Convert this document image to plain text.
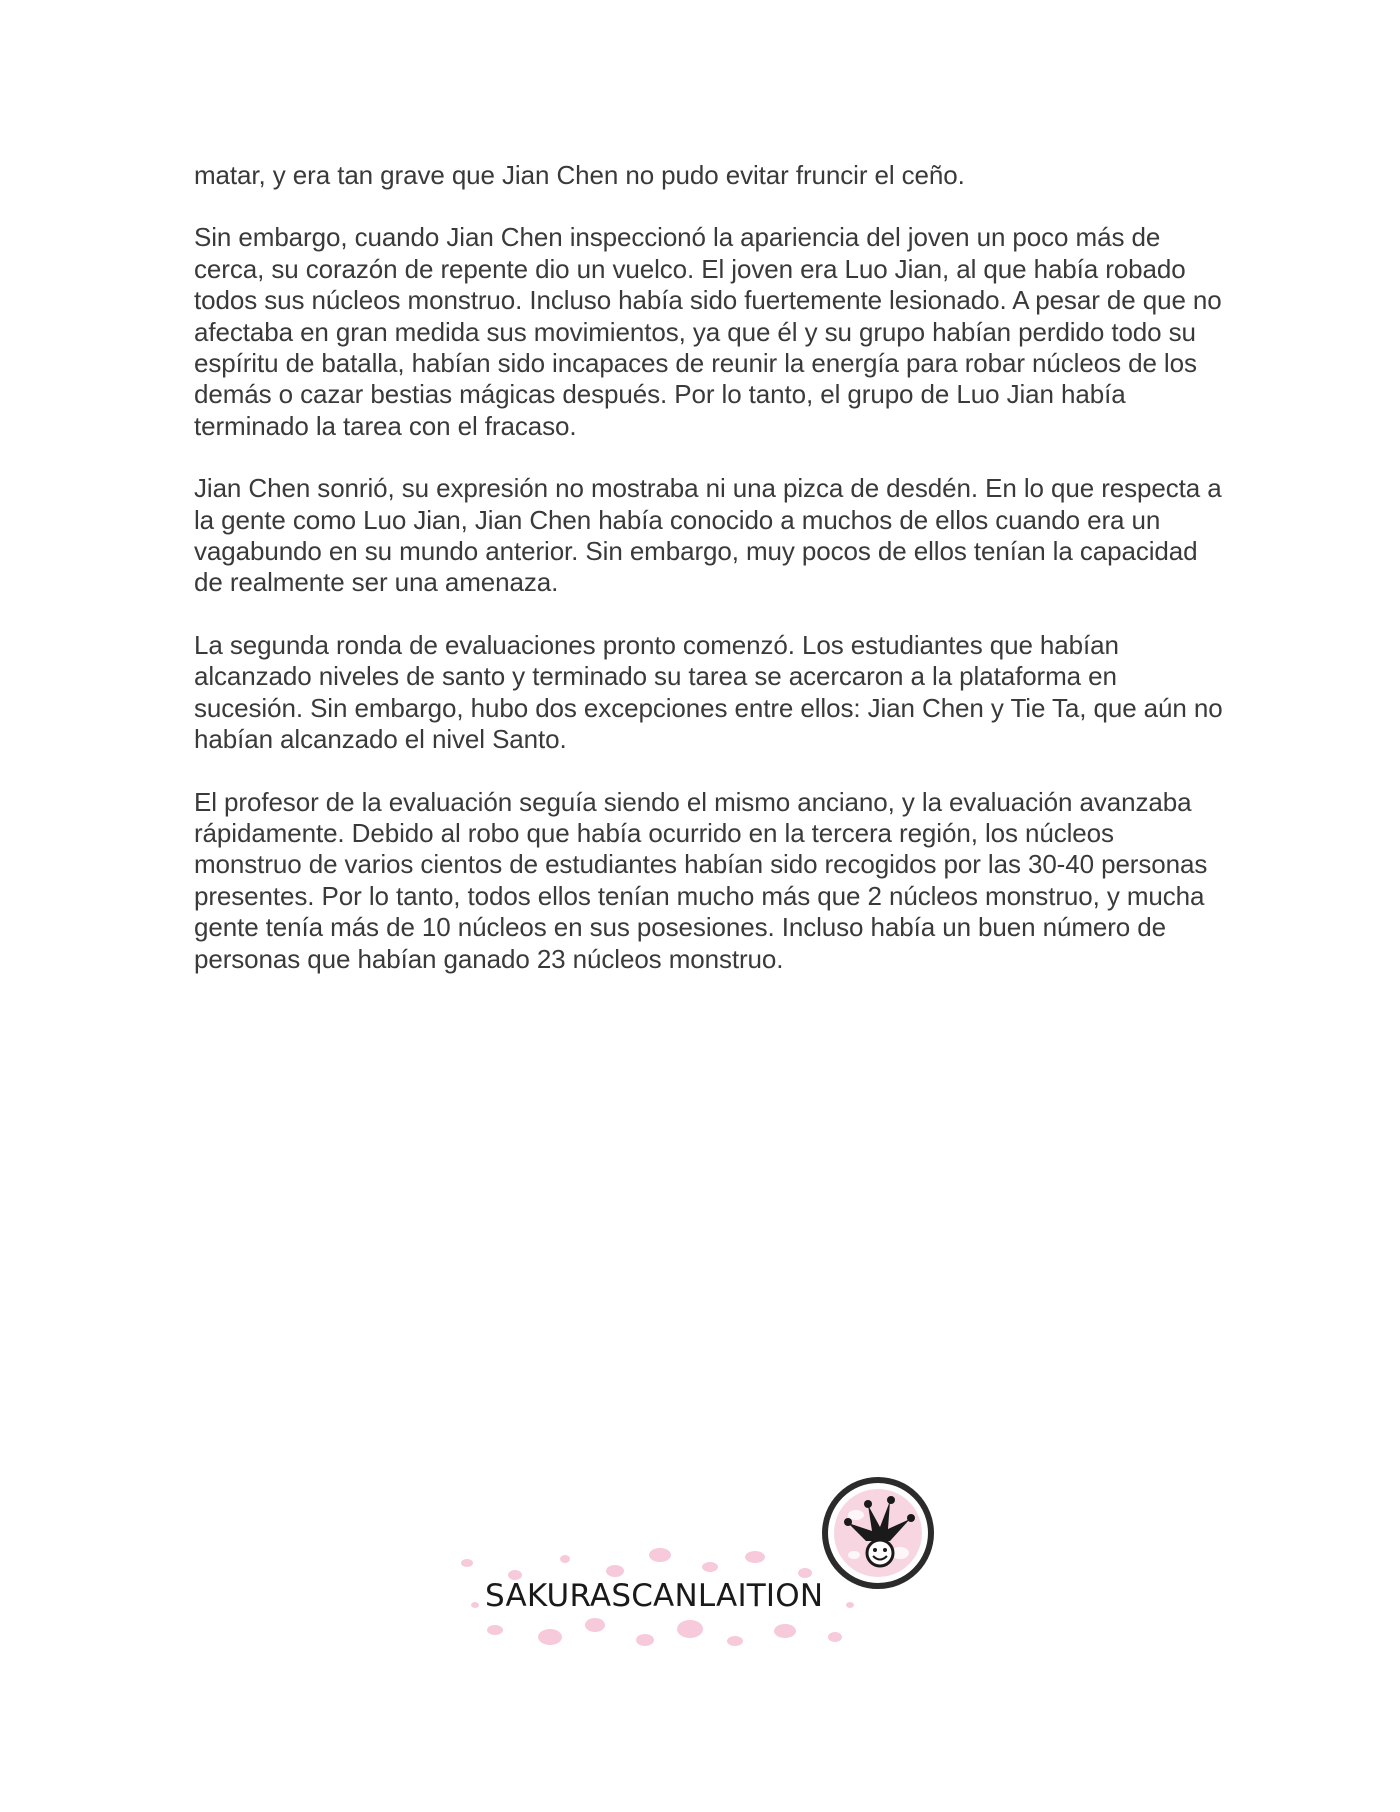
matar, y era tan grave que Jian Chen no pudo evitar fruncir el ceño.

Sin embargo, cuando Jian Chen inspeccionó la apariencia del joven un poco más de cerca, su corazón de repente dio un vuelco. El joven era Luo Jian, al que había robado todos sus núcleos monstruo. Incluso había sido fuertemente lesionado. A pesar de que no afectaba en gran medida sus movimientos, ya que él y su grupo habían perdido todo su espíritu de batalla, habían sido incapaces de reunir la energía para robar núcleos de los demás o cazar bestias mágicas después. Por lo tanto, el grupo de Luo Jian había terminado la tarea con el fracaso.

Jian Chen sonrió, su expresión no mostraba ni una pizca de desdén. En lo que respecta a la gente como Luo Jian, Jian Chen había conocido a muchos de ellos cuando era un vagabundo en su mundo anterior. Sin embargo, muy pocos de ellos tenían la capacidad de realmente ser una amenaza.

La segunda ronda de evaluaciones pronto comenzó. Los estudiantes que habían alcanzado niveles de santo y terminado su tarea se acercaron a la plataforma en sucesión. Sin embargo, hubo dos excepciones entre ellos: Jian Chen y Tie Ta, que aún no habían alcanzado el nivel Santo.

El profesor de la evaluación seguía siendo el mismo anciano, y la evaluación avanzaba rápidamente. Debido al robo que había ocurrido en la tercera región, los núcleos monstruo de varios cientos de estudiantes habían sido recogidos por las 30-40 personas presentes. Por lo tanto, todos ellos tenían mucho más que 2 núcleos monstruo, y mucha gente tenía más de 10 núcleos en sus posesiones. Incluso había un buen número de personas que habían ganado 23 núcleos monstruo.

SAKURASCANLAITION
